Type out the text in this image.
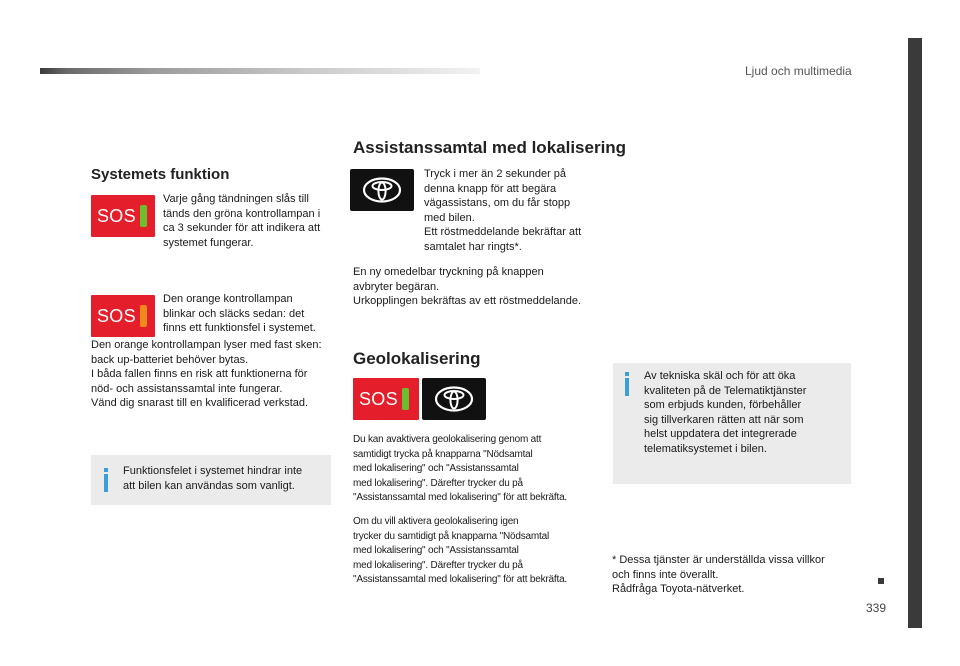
Ljud och multimedia
339
Systemets funktion
SOS
Varje gång tändningen slås till
tänds den gröna kontrollampan i
ca 3 sekunder för att indikera att
systemet fungerar.
SOS
Den orange kontrollampan
blinkar och släcks sedan: det
finns ett funktionsfel i systemet.
Den orange kontrollampan lyser med fast sken:
back up-batteriet behöver bytas.
I båda fallen finns en risk att funktionerna för
nöd- och assistanssamtal inte fungerar.
Vänd dig snarast till en kvalificerad verkstad.
Funktionsfelet i systemet hindrar inte
att bilen kan användas som vanligt.
Assistanssamtal med lokalisering
Tryck i mer än 2 sekunder på
denna knapp för att begära
vägassistans, om du får stopp
med bilen.
Ett röstmeddelande bekräftar att
samtalet har ringts*.
En ny omedelbar tryckning på knappen
avbryter begäran.
Urkopplingen bekräftas av ett röstmeddelande.
Geolokalisering
SOS
Du kan avaktivera geolokalisering genom att
samtidigt trycka på knapparna "Nödsamtal
med lokalisering" och "Assistanssamtal
med lokalisering". Därefter trycker du på
"Assistanssamtal med lokalisering" för att bekräfta.
Om du vill aktivera geolokalisering igen
trycker du samtidigt på knapparna "Nödsamtal
med lokalisering" och "Assistanssamtal
med lokalisering". Därefter trycker du på
"Assistanssamtal med lokalisering" för att bekräfta.
Av tekniska skäl och för att öka
kvaliteten på de Telematiktjänster
som erbjuds kunden, förbehåller
sig tillverkaren rätten att när som
helst uppdatera det integrerade
telematiksystemet i bilen.
* Dessa tjänster är underställda vissa villkor
och finns inte överallt.
Rådfråga Toyota-nätverket.
